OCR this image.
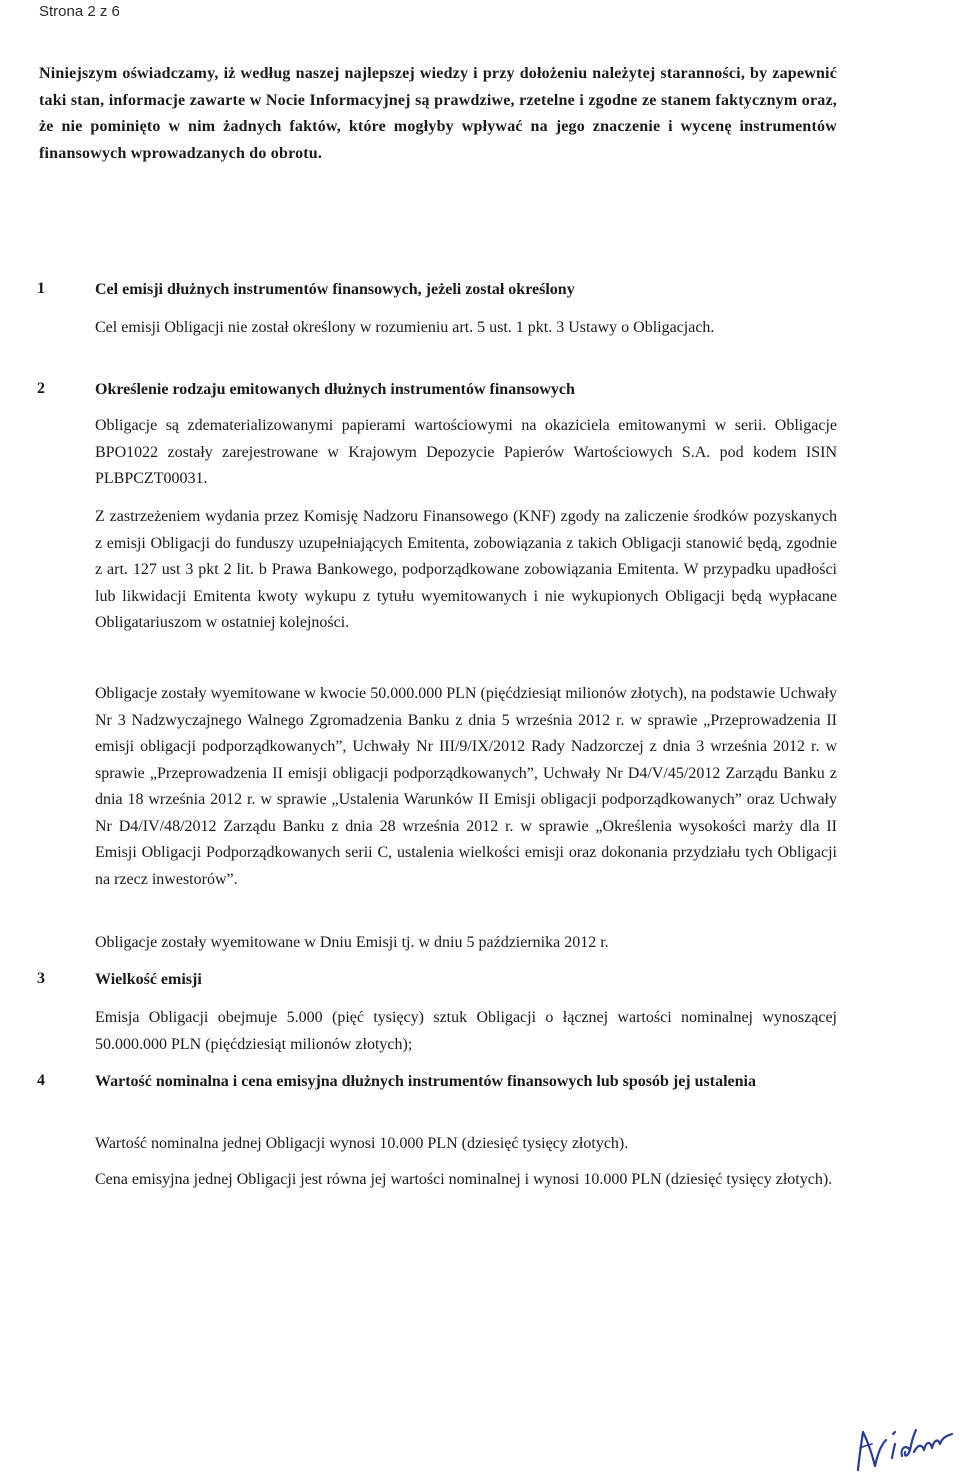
Strona 2 z 6

Niniejszym oświadczamy, iż według naszej najlepszej wiedzy i przy dołożeniu należytej staranności, by zapewnić taki stan, informacje zawarte w Nocie Informacyjnej są prawdziwe, rzetelne i zgodne ze stanem faktycznym oraz, że nie pominięto w nim żadnych faktów, które mogłyby wpływać na jego znaczenie i wycenę instrumentów finansowych wprowadzanych do obrotu.

1	Cel emisji dłużnych instrumentów finansowych, jeżeli został określony

Cel emisji Obligacji nie został określony w rozumieniu art. 5 ust. 1 pkt. 3 Ustawy o Obligacjach.

2	Określenie rodzaju emitowanych dłużnych instrumentów finansowych

Obligacje są zdematerializowanymi papierami wartościowymi na okaziciela emitowanymi w serii. Obligacje BPO1022 zostały zarejestrowane w Krajowym Depozycie Papierów Wartościowych S.A. pod kodem ISIN PLBPCZT00031.

Z zastrzeżeniem wydania przez Komisję Nadzoru Finansowego (KNF) zgody na zaliczenie środków pozyskanych z emisji Obligacji do funduszy uzupełniających Emitenta, zobowiązania z takich Obligacji stanowić będą, zgodnie z art. 127 ust 3 pkt 2 lit. b Prawa Bankowego, podporządkowane zobowiązania Emitenta. W przypadku upadłości lub likwidacji Emitenta kwoty wykupu z tytułu wyemitowanych i nie wykupionych Obligacji będą wypłacane Obligatariuszom w ostatniej kolejności.

Obligacje zostały wyemitowane w kwocie 50.000.000 PLN (pięćdziesiąt milionów złotych), na podstawie Uchwały Nr 3 Nadzwyczajnego Walnego Zgromadzenia Banku z dnia 5 września 2012 r. w sprawie „Przeprowadzenia II emisji obligacji podporządkowanych”, Uchwały Nr III/9/IX/2012 Rady Nadzorczej z dnia 3 września 2012 r. w sprawie „Przeprowadzenia II emisji obligacji podporządkowanych”, Uchwały Nr D4/V/45/2012 Zarządu Banku z dnia 18 września 2012 r. w sprawie „Ustalenia Warunków II Emisji obligacji podporządkowanych” oraz Uchwały Nr D4/IV/48/2012 Zarządu Banku z dnia 28 września 2012 r. w sprawie „Określenia wysokości marży dla II Emisji Obligacji Podporządkowanych serii C, ustalenia wielkości emisji oraz dokonania przydziału tych Obligacji na rzecz inwestorów”.

Obligacje zostały wyemitowane w Dniu Emisji tj. w dniu 5 października 2012 r.

3	Wielkość emisji

Emisja Obligacji obejmuje 5.000 (pięć tysięcy) sztuk Obligacji o łącznej wartości nominalnej wynoszącej 50.000.000 PLN (pięćdziesiąt milionów złotych);

4	Wartość nominalna i cena emisyjna dłużnych instrumentów finansowych lub sposób jej ustalenia

Wartość nominalna jednej Obligacji wynosi 10.000 PLN (dziesięć tysięcy złotych).

Cena emisyjna jednej Obligacji jest równa jej wartości nominalnej i wynosi 10.000 PLN (dziesięć tysięcy złotych).
